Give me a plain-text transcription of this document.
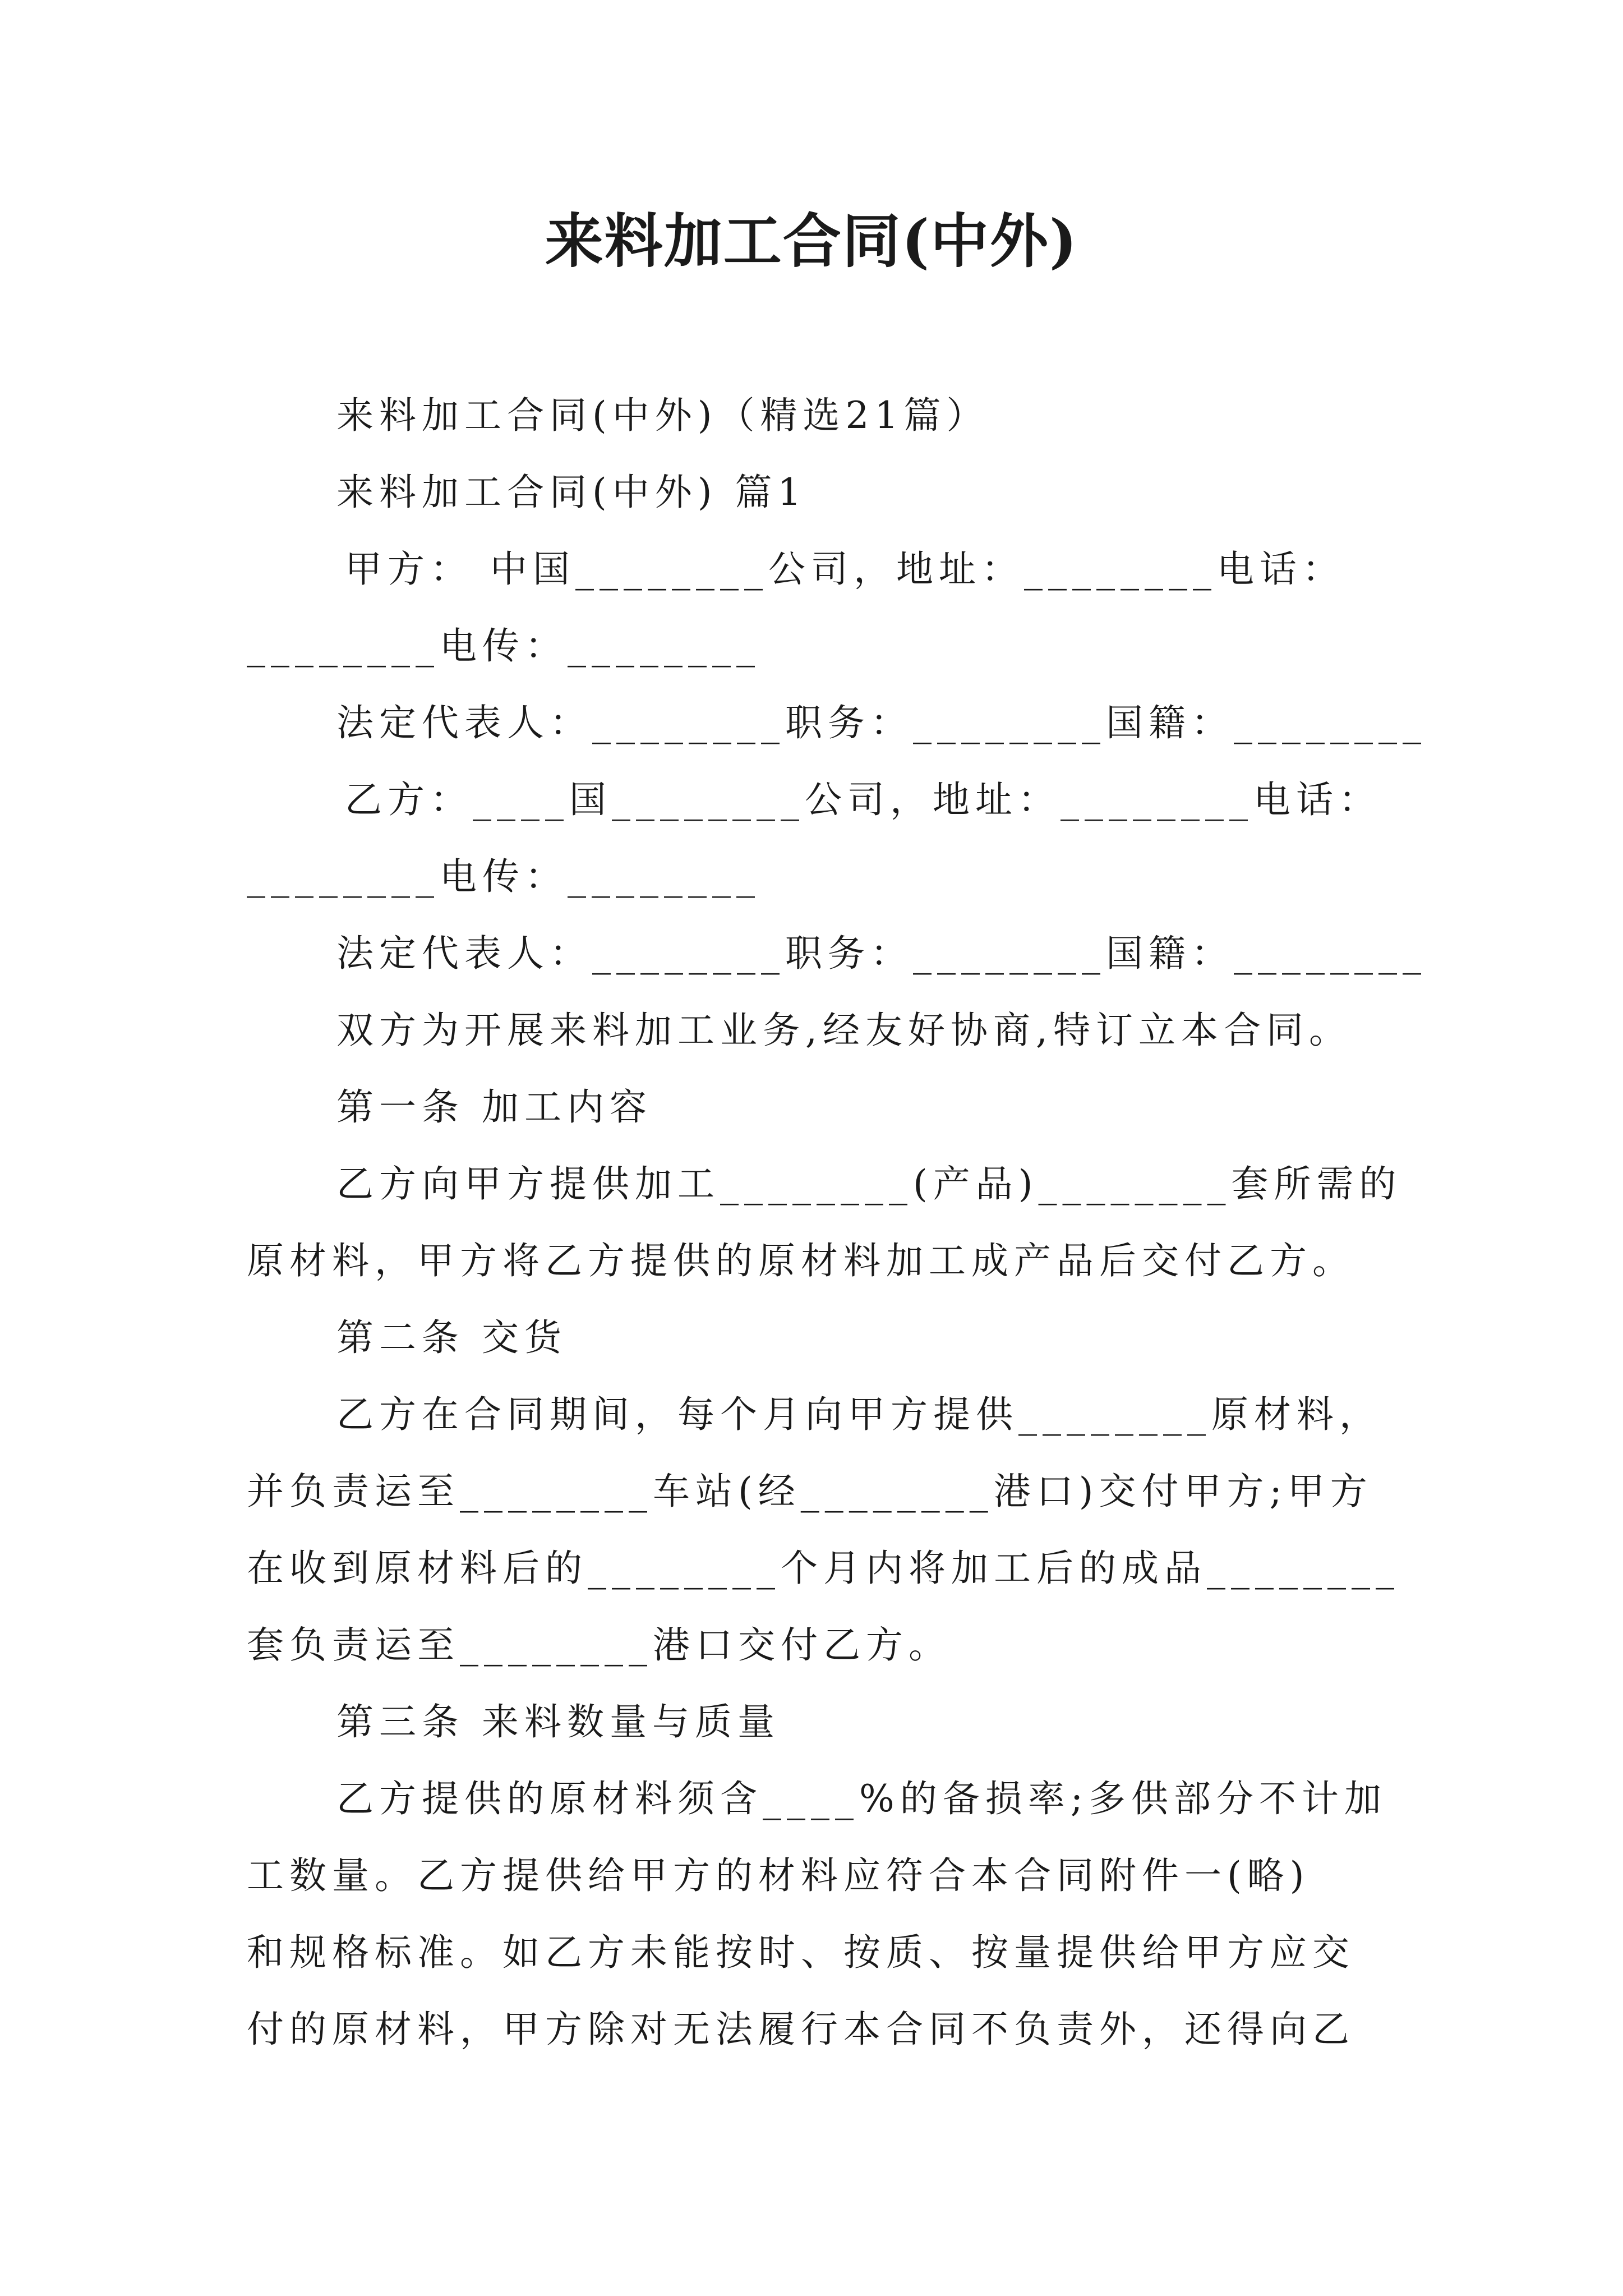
来料加工合同(中外)
来料加工合同(中外)（精选21篇）
来料加工合同(中外) 篇1
甲方： 中国________公司，地址：________电话：
________电传：________
法定代表人：________职务：________国籍：________
乙方：____国________公司，地址：________电话：
________电传：________
法定代表人：________职务：________国籍：________
双方为开展来料加工业务,经友好协商,特订立本合同。
第一条 加工内容
乙方向甲方提供加工________(产品)________套所需的
原材料，甲方将乙方提供的原材料加工成产品后交付乙方。
第二条 交货
乙方在合同期间，每个月向甲方提供________原材料，
并负责运至________车站(经________港口)交付甲方;甲方
在收到原材料后的________个月内将加工后的成品________
套负责运至________港口交付乙方。
第三条 来料数量与质量
乙方提供的原材料须含____%的备损率;多供部分不计加
工数量。乙方提供给甲方的材料应符合本合同附件一(略)
和规格标准。如乙方未能按时、按质、按量提供给甲方应交
付的原材料，甲方除对无法履行本合同不负责外，还得向乙
